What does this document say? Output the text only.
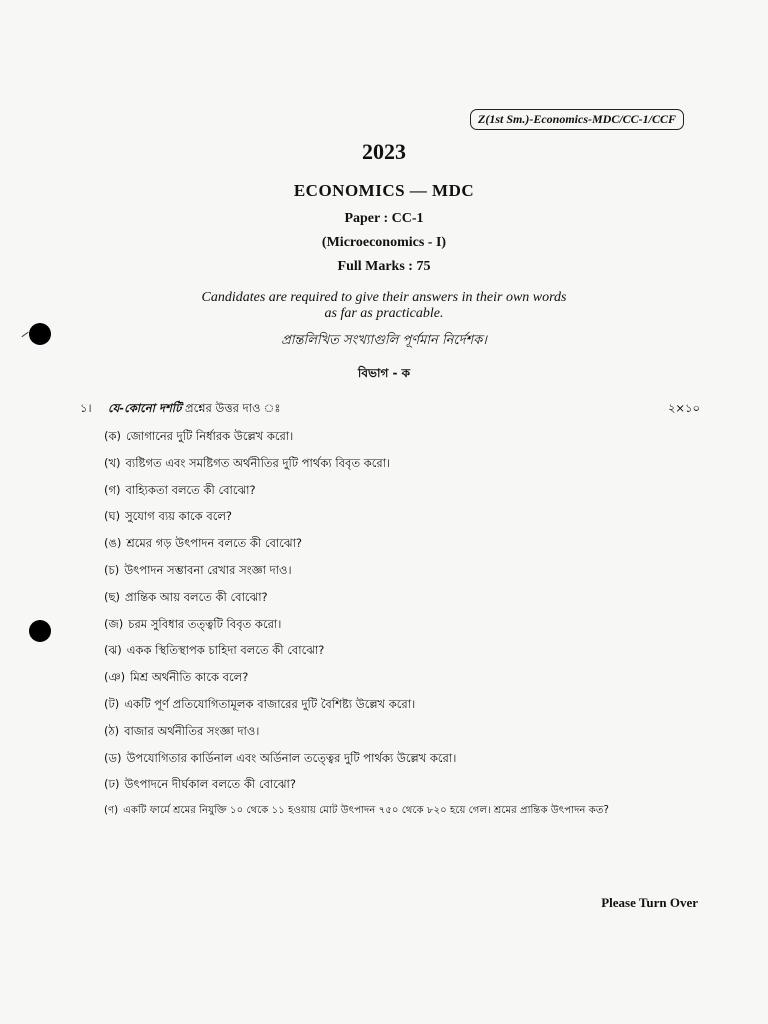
Z(1st Sm.)-Economics-MDC/CC-1/CCF
2023
ECONOMICS — MDC
Paper : CC-1
(Microeconomics - I)
Full Marks : 75
Candidates are required to give their answers in their own words
as far as practicable.
প্রান্তলিখিত সংখ্যাগুলি পূর্ণমান নির্দেশক।
বিভাগ - ক
১। যে-কোনো দশটি প্রশ্নের উত্তর দাও ঃ	২×১০
(ক) জোগানের দুটি নির্ধারক উল্লেখ করো।
(খ) ব্যষ্টিগত এবং সমষ্টিগত অর্থনীতির দুটি পার্থক্য বিবৃত করো।
(গ) বাহ্যিকতা বলতে কী বোঝো?
(ঘ) সুযোগ ব্যয় কাকে বলে?
(ঙ) শ্রমের গড় উৎপাদন বলতে কী বোঝো?
(চ) উৎপাদন সম্ভাবনা রেখার সংজ্ঞা দাও।
(ছ) প্রান্তিক আয় বলতে কী বোঝো?
(জ) চরম সুবিধার তত্ত্বটি বিবৃত করো।
(ঝ) একক স্থিতিস্থাপক চাহিদা বলতে কী বোঝো?
(ঞ) মিশ্র অর্থনীতি কাকে বলে?
(ট) একটি পূর্ণ প্রতিযোগিতামূলক বাজারের দুটি বৈশিষ্ট্য উল্লেখ করো।
(ঠ) বাজার অর্থনীতির সংজ্ঞা দাও।
(ড) উপযোগিতার কার্ডিনাল এবং অর্ডিনাল তত্ত্বের দুটি পার্থক্য উল্লেখ করো।
(ঢ) উৎপাদনে দীর্ঘকাল বলতে কী বোঝো?
(ণ) একটি ফার্মে শ্রমের নিযুক্তি ১০ থেকে ১১ হওয়ায় মোট উৎপাদন ৭৫০ থেকে ৮২০ হয়ে গেল। শ্রমের প্রান্তিক উৎপাদন কত?
Please Turn Over
